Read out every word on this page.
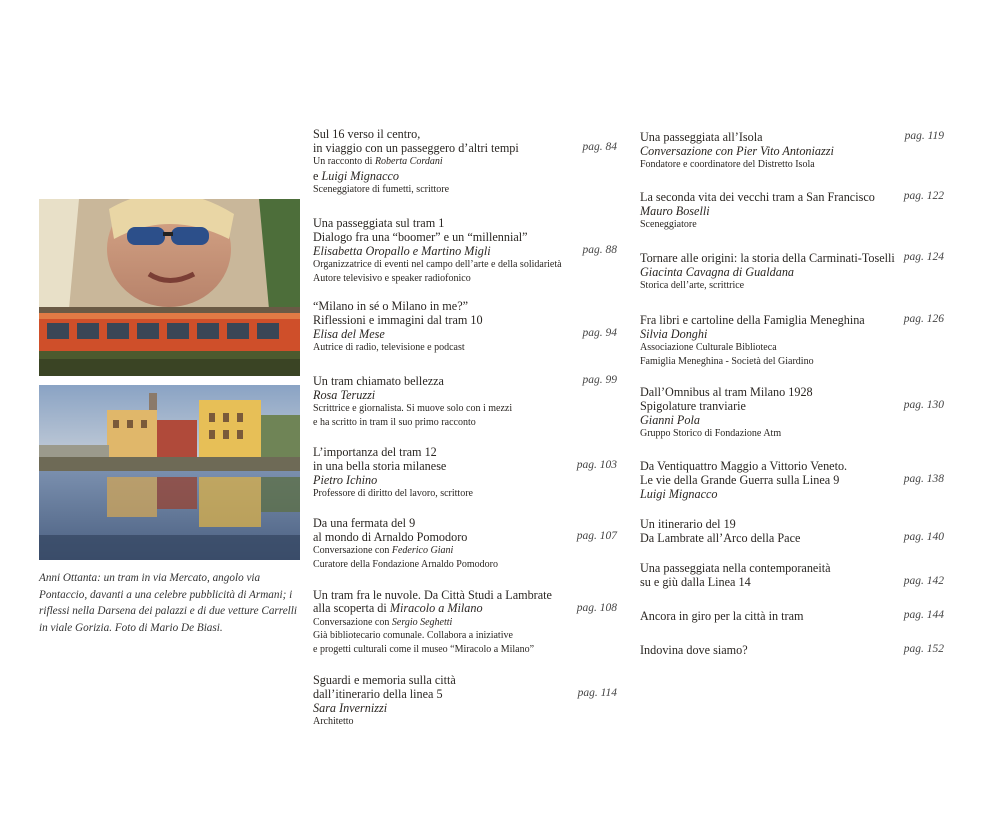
Anni Ottanta: un tram in via Mercato, angolo via Pontaccio, davanti a una celebre pubblicità di Armani; i riflessi nella Darsena dei palazzi e di due vetture Carrelli in viale Gorizia. Foto di Mario De Biasi.
Sul 16 verso il centro,
in viaggio con un passeggero d’altri tempi
Un racconto di Roberta Cordani
e Luigi Mignacco
Sceneggiatore di fumetti, scrittore
pag. 84
Una passeggiata sul tram 1
Dialogo fra una “boomer” e un “millennial”
Elisabetta Oropallo e Martino Migli
Organizzatrice di eventi nel campo dell’arte e della solidarietà
Autore televisivo e speaker radiofonico
pag. 88
“Milano in sé o Milano in me?”
Riflessioni e immagini dal tram 10
Elisa del Mese
Autrice di radio, televisione e podcast
pag. 94
Un tram chiamato bellezza
Rosa Teruzzi
Scrittrice e giornalista. Si muove solo con i mezzi
e ha scritto in tram il suo primo racconto
pag. 99
L’importanza del tram 12
in una bella storia milanese
Pietro Ichino
Professore di diritto del lavoro, scrittore
pag. 103
Da una fermata del 9
al mondo di Arnaldo Pomodoro
Conversazione con Federico Giani
Curatore della Fondazione Arnaldo Pomodoro
pag. 107
Un tram fra le nuvole. Da Città Studi a Lambrate
alla scoperta di Miracolo a Milano
Conversazione con Sergio Seghetti
Già bibliotecario comunale. Collabora a iniziative
e progetti culturali come il museo “Miracolo a Milano”
pag. 108
Sguardi e memoria sulla città
dall’itinerario della linea 5
Sara Invernizzi
Architetto
pag. 114
Una passeggiata all’Isola
Conversazione con Pier Vito Antoniazzi
Fondatore e coordinatore del Distretto Isola
pag. 119
La seconda vita dei vecchi tram a San Francisco
Mauro Boselli
Sceneggiatore
pag. 122
Tornare alle origini: la storia della Carminati-Toselli
Giacinta Cavagna di Gualdana
Storica dell’arte, scrittrice
pag. 124
Fra libri e cartoline della Famiglia Meneghina
Silvia Donghi
Associazione Culturale Biblioteca
Famiglia Meneghina - Società del Giardino
pag. 126
Dall’Omnibus al tram Milano 1928
Spigolature tranviarie
Gianni Pola
Gruppo Storico di Fondazione Atm
pag. 130
Da Ventiquattro Maggio a Vittorio Veneto.
Le vie della Grande Guerra sulla Linea 9
Luigi Mignacco
pag. 138
Un itinerario del 19
Da Lambrate all’Arco della Pace	pag. 140
Una passeggiata nella contemporaneità
su e giù dalla Linea 14	pag. 142
Ancora in giro per la città in tram	pag. 144
Indovina dove siamo?	pag. 152
